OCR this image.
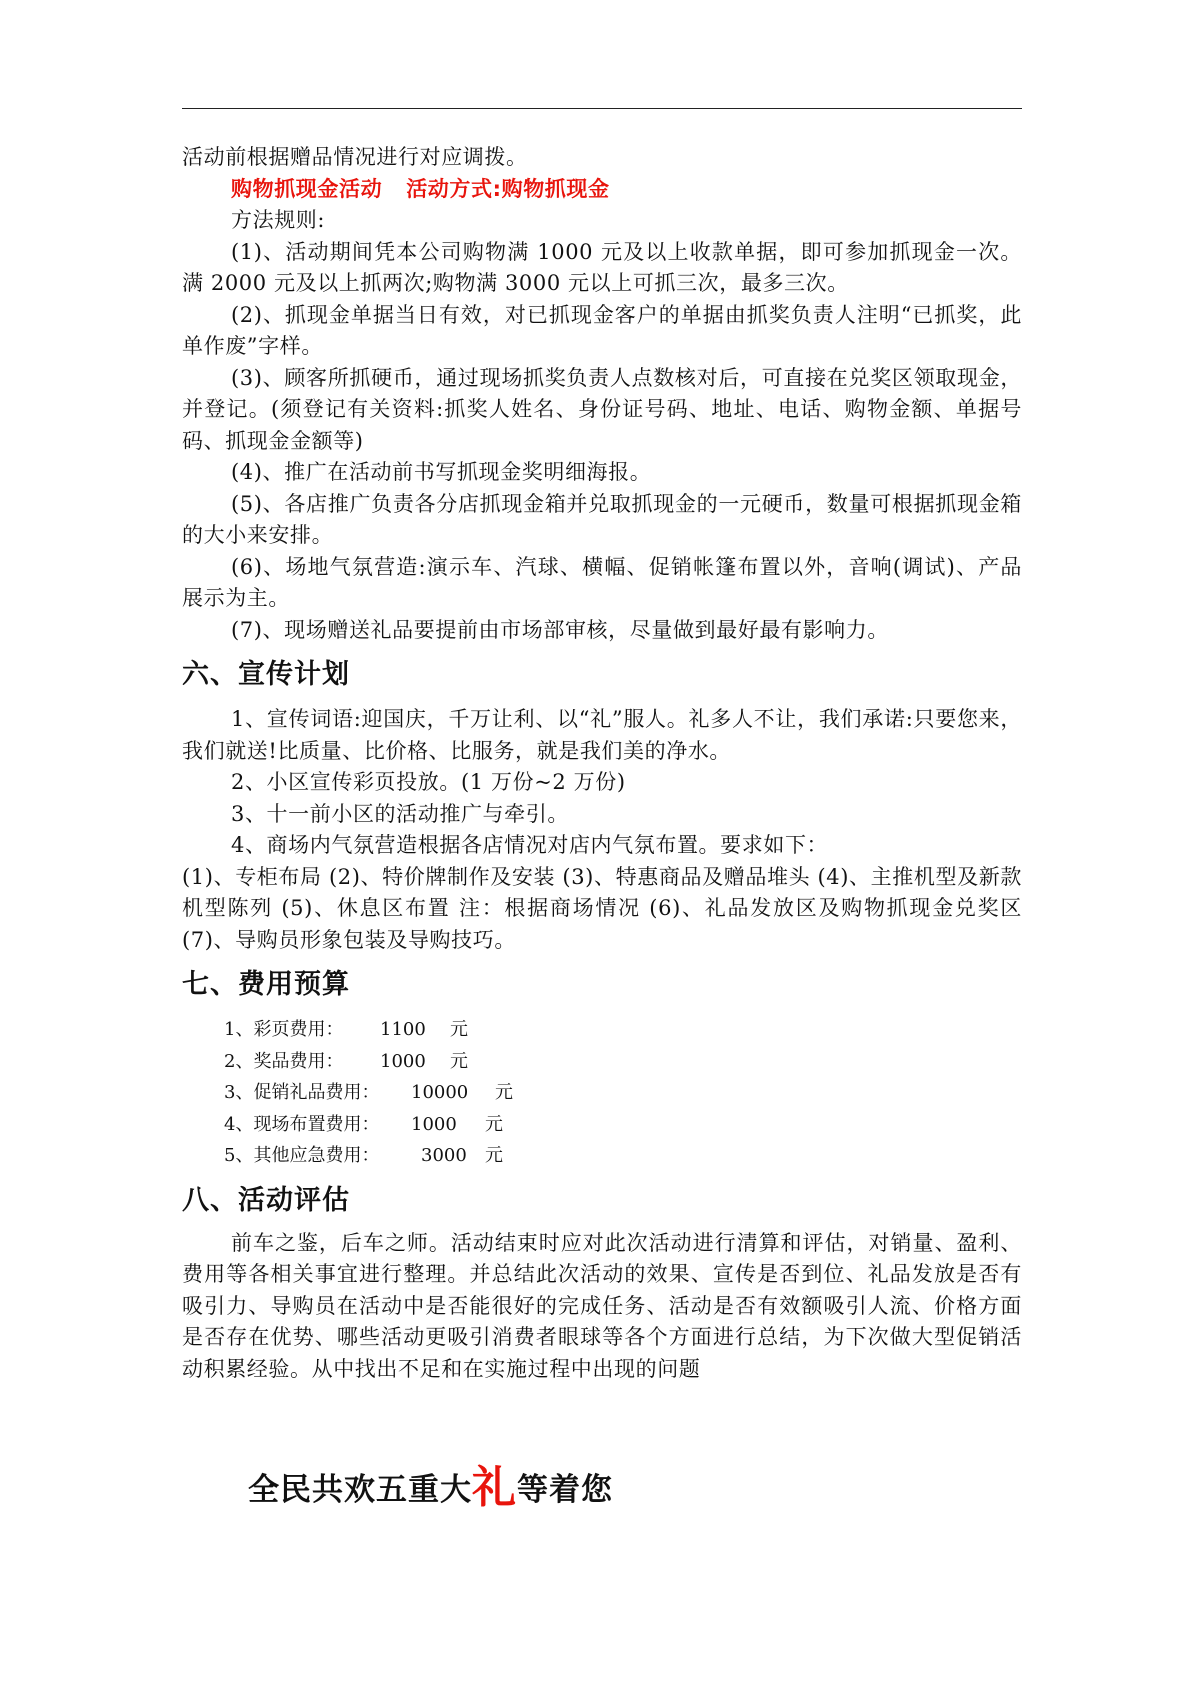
活动前根据赠品情况进行对应调拨。

购物抓现金活动 活动方式:购物抓现金

方法规则:

(1)、活动期间凭本公司购物满 1000 元及以上收款单据，即可参加抓现金一次。满 2000 元及以上抓两次;购物满 3000 元以上可抓三次，最多三次。

(2)、抓现金单据当日有效，对已抓现金客户的单据由抓奖负责人注明“已抓奖，此单作废”字样。

(3)、顾客所抓硬币，通过现场抓奖负责人点数核对后，可直接在兑奖区领取现金，并登记。(须登记有关资料:抓奖人姓名、身份证号码、地址、电话、购物金额、单据号码、抓现金金额等)

(4)、推广在活动前书写抓现金奖明细海报。

(5)、各店推广负责各分店抓现金箱并兑取抓现金的一元硬币，数量可根据抓现金箱的大小来安排。

(6)、场地气氛营造:演示车、汽球、横幅、促销帐篷布置以外，音响(调试)、产品展示为主。

(7)、现场赠送礼品要提前由市场部审核，尽量做到最好最有影响力。

六、宣传计划

1、宣传词语:迎国庆，千万让利、以“礼”服人。礼多人不让，我们承诺:只要您来，我们就送!比质量、比价格、比服务，就是我们美的净水。

2、小区宣传彩页投放。(1 万份~2 万份)

3、十一前小区的活动推广与牵引。

4、商场内气氛营造根据各店情况对店内气氛布置。要求如下：

(1)、专柜布局 (2)、特价牌制作及安装 (3)、特惠商品及赠品堆头 (4)、主推机型及新款机型陈列 (5)、休息区布置 注：根据商场情况 (6)、礼品发放区及购物抓现金兑奖区 (7)、导购员形象包装及导购技巧。

七、费用预算
1、彩页费用： 1100 元
2、奖品费用： 1000 元
3、促销礼品费用： 10000 元
4、现场布置费用： 1000 元
5、其他应急费用： 3000 元
八、活动评估

前车之鉴，后车之师。活动结束时应对此次活动进行清算和评估，对销量、盈利、费用等各相关事宜进行整理。并总结此次活动的效果、宣传是否到位、礼品发放是否有吸引力、导购员在活动中是否能很好的完成任务、活动是否有效额吸引人流、价格方面是否存在优势、哪些活动更吸引消费者眼球等各个方面进行总结，为下次做大型促销活动积累经验。从中找出不足和在实施过程中出现的问题

全民共欢五重大礼等着您
